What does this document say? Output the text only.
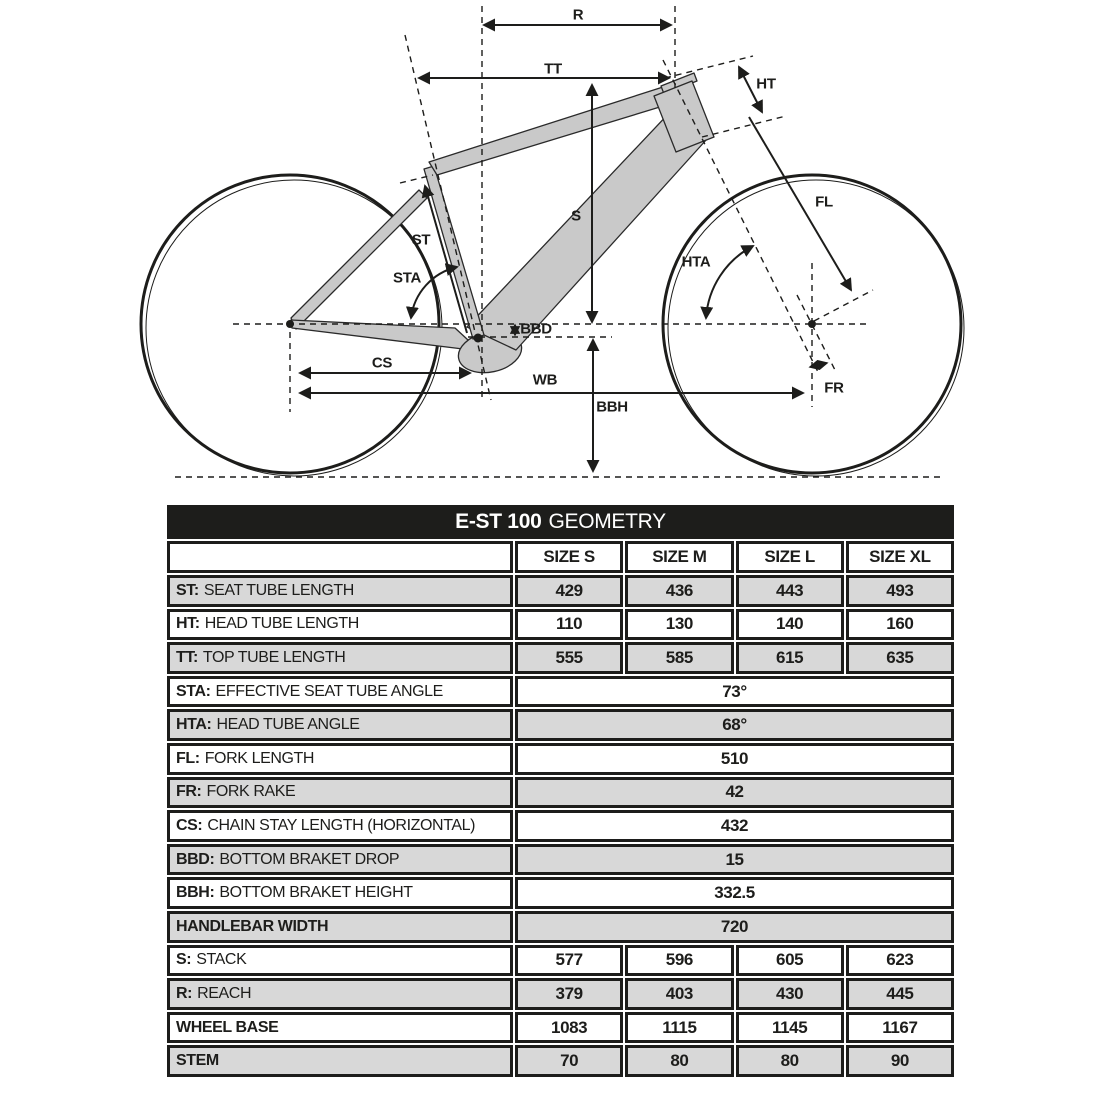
R
TT
HT
FL
S
ST
STA
HTA
BBD
CS
WB
BBH
FR
E-ST 100 GEOMETRY
SIZE S	SIZE M	SIZE L	SIZE XL
ST: SEAT TUBE LENGTH	429	436	443	493
HT: HEAD TUBE LENGTH	110	130	140	160
TT: TOP TUBE LENGTH	555	585	615	635
STA: EFFECTIVE SEAT TUBE ANGLE	73°
HTA: HEAD TUBE ANGLE	68°
FL: FORK LENGTH	510
FR: FORK RAKE	42
CS: CHAIN STAY LENGTH (HORIZONTAL)	432
BBD: BOTTOM BRAKET DROP	15
BBH: BOTTOM BRAKET HEIGHT	332.5
HANDLEBAR WIDTH	720
S: STACK	577	596	605	623
R: REACH	379	403	430	445
WHEEL BASE	1083	1115	1145	1167
STEM	70	80	80	90
